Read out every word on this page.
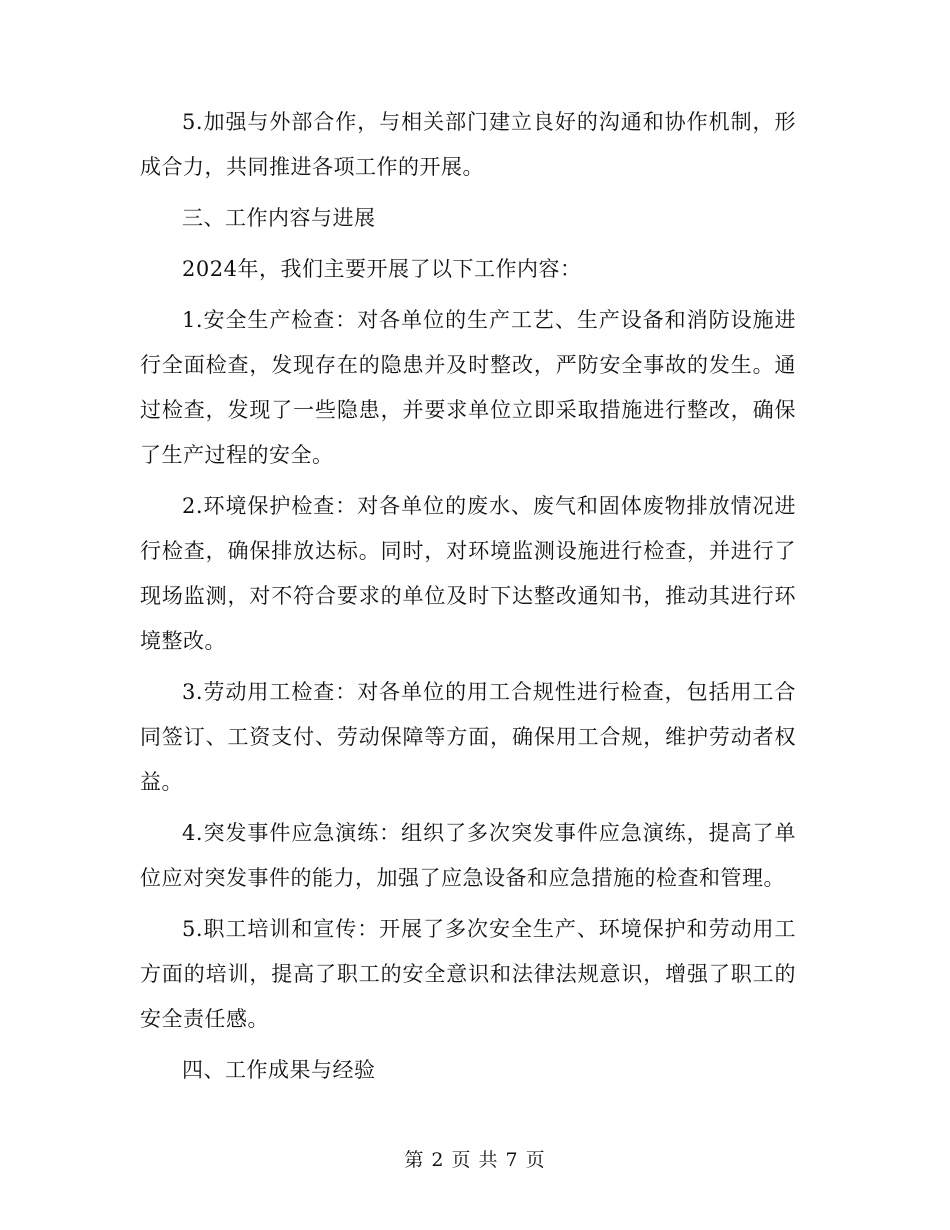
5.加强与外部合作，与相关部门建立良好的沟通和协作机制，形成合力，共同推进各项工作的开展。

三、工作内容与进展

2024年，我们主要开展了以下工作内容：

1.安全生产检查：对各单位的生产工艺、生产设备和消防设施进行全面检查，发现存在的隐患并及时整改，严防安全事故的发生。通过检查，发现了一些隐患，并要求单位立即采取措施进行整改，确保了生产过程的安全。

2.环境保护检查：对各单位的废水、废气和固体废物排放情况进行检查，确保排放达标。同时，对环境监测设施进行检查，并进行了现场监测，对不符合要求的单位及时下达整改通知书，推动其进行环境整改。

3.劳动用工检查：对各单位的用工合规性进行检查，包括用工合同签订、工资支付、劳动保障等方面，确保用工合规，维护劳动者权益。

4.突发事件应急演练：组织了多次突发事件应急演练，提高了单位应对突发事件的能力，加强了应急设备和应急措施的检查和管理。

5.职工培训和宣传：开展了多次安全生产、环境保护和劳动用工方面的培训，提高了职工的安全意识和法律法规意识，增强了职工的安全责任感。

四、工作成果与经验

第 2 页 共 7 页
